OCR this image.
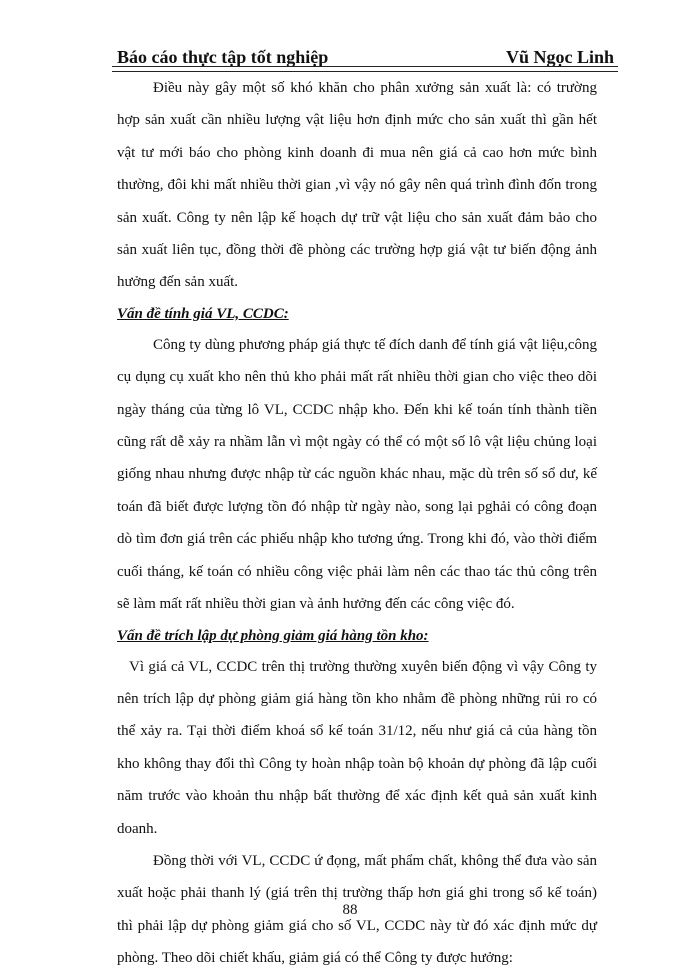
Báo cáo thực tập tốt nghiệp	Vũ Ngọc Linh

Điều này gây một số khó khăn cho phân xưởng sản xuất là: có trường hợp sản xuất cần nhiều lượng vật liệu hơn định mức cho sản xuất thì gần hết vật tư mới báo cho phòng kinh doanh đi mua nên giá cả cao hơn mức bình thường, đôi khi mất nhiều thời gian ,vì vậy nó gây nên quá trình đình đốn trong sản xuất. Công ty nên lập kế hoạch dự trữ vật liệu cho sản xuất đảm bảo cho sản xuất liên tục, đồng thời đề phòng các trường hợp giá vật tư biến động ảnh hưởng đến sản xuất.

Vấn đề tính giá VL, CCDC:

Công ty dùng phương pháp giá thực tế đích danh để tính giá vật liệu,công cụ dụng cụ xuất kho nên thủ kho phải mất rất nhiều thời gian cho việc theo dõi ngày tháng của từng lô VL, CCDC nhập kho. Đến khi kế toán tính thành tiền cũng rất dễ xảy ra nhầm lẫn vì một ngày có thể có một số lô vật liệu chủng loại giống nhau nhưng được nhập từ các nguồn khác nhau, mặc dù trên số sổ dư, kế toán đã biết được lượng tồn đó nhập từ ngày nào, song lại pghải có công đoạn dò tìm đơn giá trên các phiếu nhập kho tương ứng. Trong khi đó, vào thời điểm cuối tháng, kế toán có nhiều công việc phải làm nên các thao tác thủ công trên sẽ làm mất rất nhiều thời gian và ảnh hưởng đến các công việc đó.

Vấn đề trích lập dự phòng giảm giá hàng tồn kho:

Vì giá cả VL, CCDC trên thị trường thường xuyên biến động vì vậy Công ty nên trích lập dự phòng giảm giá hàng tồn kho nhằm đề phòng những rủi ro có thể xảy ra. Tại thời điểm khoá sổ kế toán 31/12, nếu như giá cả của hàng tồn kho không thay đổi thì Công ty hoàn nhập toàn bộ khoản dự phòng đã lập cuối năm trước vào khoản thu nhập bất thường để xác định kết quả sản xuất kinh doanh.

Đồng thời với VL, CCDC ứ đọng, mất phẩm chất, không thể đưa vào sản xuất hoặc phải thanh lý (giá trên thị trường thấp hơn giá ghi trong sổ kế toán) thì phải lập dự phòng giảm giá cho số VL, CCDC này từ đó xác định mức dự phòng. Theo dõi chiết khấu, giảm giá có thể Công ty được hưởng:

88
